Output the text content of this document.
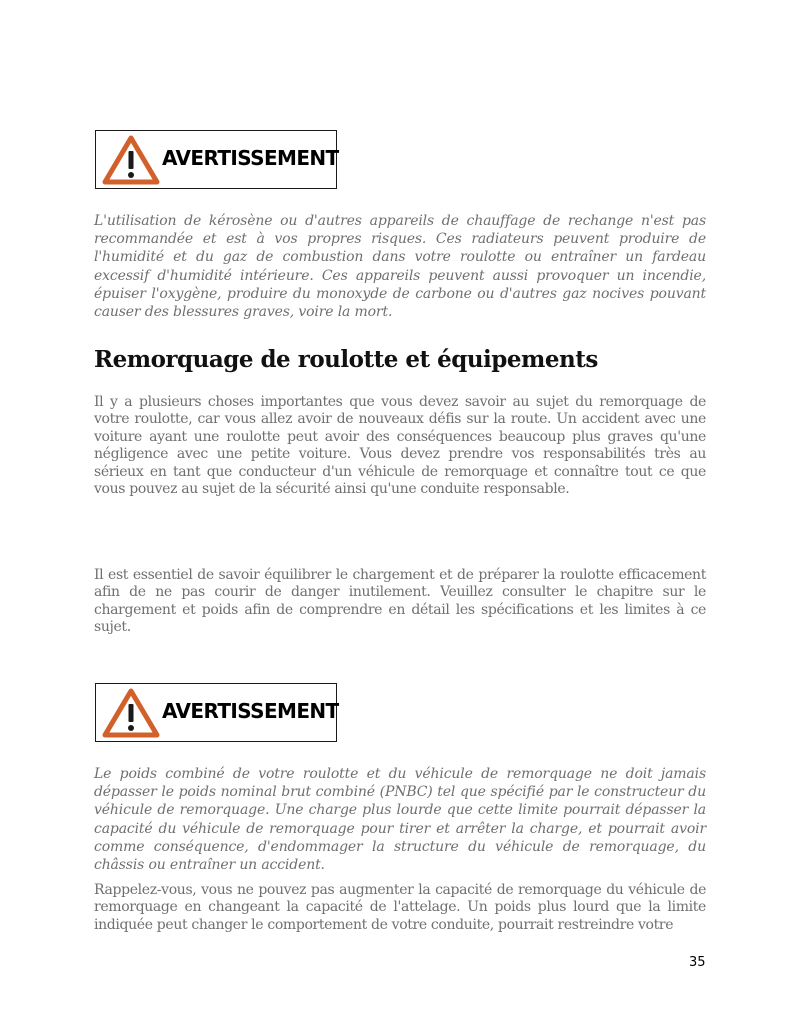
AVERTISSEMENT

L'utilisation de kérosène ou d'autres appareils de chauffage de rechange n'est pas recommandée et est à vos propres risques. Ces radiateurs peuvent produire de l'humidité et du gaz de combustion dans votre roulotte ou entraîner un fardeau excessif d'humidité intérieure. Ces appareils peuvent aussi provoquer un incendie, épuiser l'oxygène, produire du monoxyde de carbone ou d'autres gaz nocives pouvant causer des blessures graves, voire la mort.

Remorquage de roulotte et équipements

Il y a plusieurs choses importantes que vous devez savoir au sujet du remorquage de votre roulotte, car vous allez avoir de nouveaux défis sur la route. Un accident avec une voiture ayant une roulotte peut avoir des conséquences beaucoup plus graves qu'une négligence avec une petite voiture. Vous devez prendre vos responsabilités très au sérieux en tant que conducteur d'un véhicule de remorquage et connaître tout ce que vous pouvez au sujet de la sécurité ainsi qu'une conduite responsable.

Il est essentiel de savoir équilibrer le chargement et de préparer la roulotte efficacement afin de ne pas courir de danger inutilement. Veuillez consulter le chapitre sur le chargement et poids afin de comprendre en détail les spécifications et les limites à ce sujet.

AVERTISSEMENT

Le poids combiné de votre roulotte et du véhicule de remorquage ne doit jamais dépasser le poids nominal brut combiné (PNBC) tel que spécifié par le constructeur du véhicule de remorquage. Une charge plus lourde que cette limite pourrait dépasser la capacité du véhicule de remorquage pour tirer et arrêter la charge, et pourrait avoir comme conséquence, d'endommager la structure du véhicule de remorquage, du châssis ou entraîner un accident.

Rappelez-vous, vous ne pouvez pas augmenter la capacité de remorquage du véhicule de remorquage en changeant la capacité de l'attelage. Un poids plus lourd que la limite indiquée peut changer le comportement de votre conduite, pourrait restreindre votre

35
